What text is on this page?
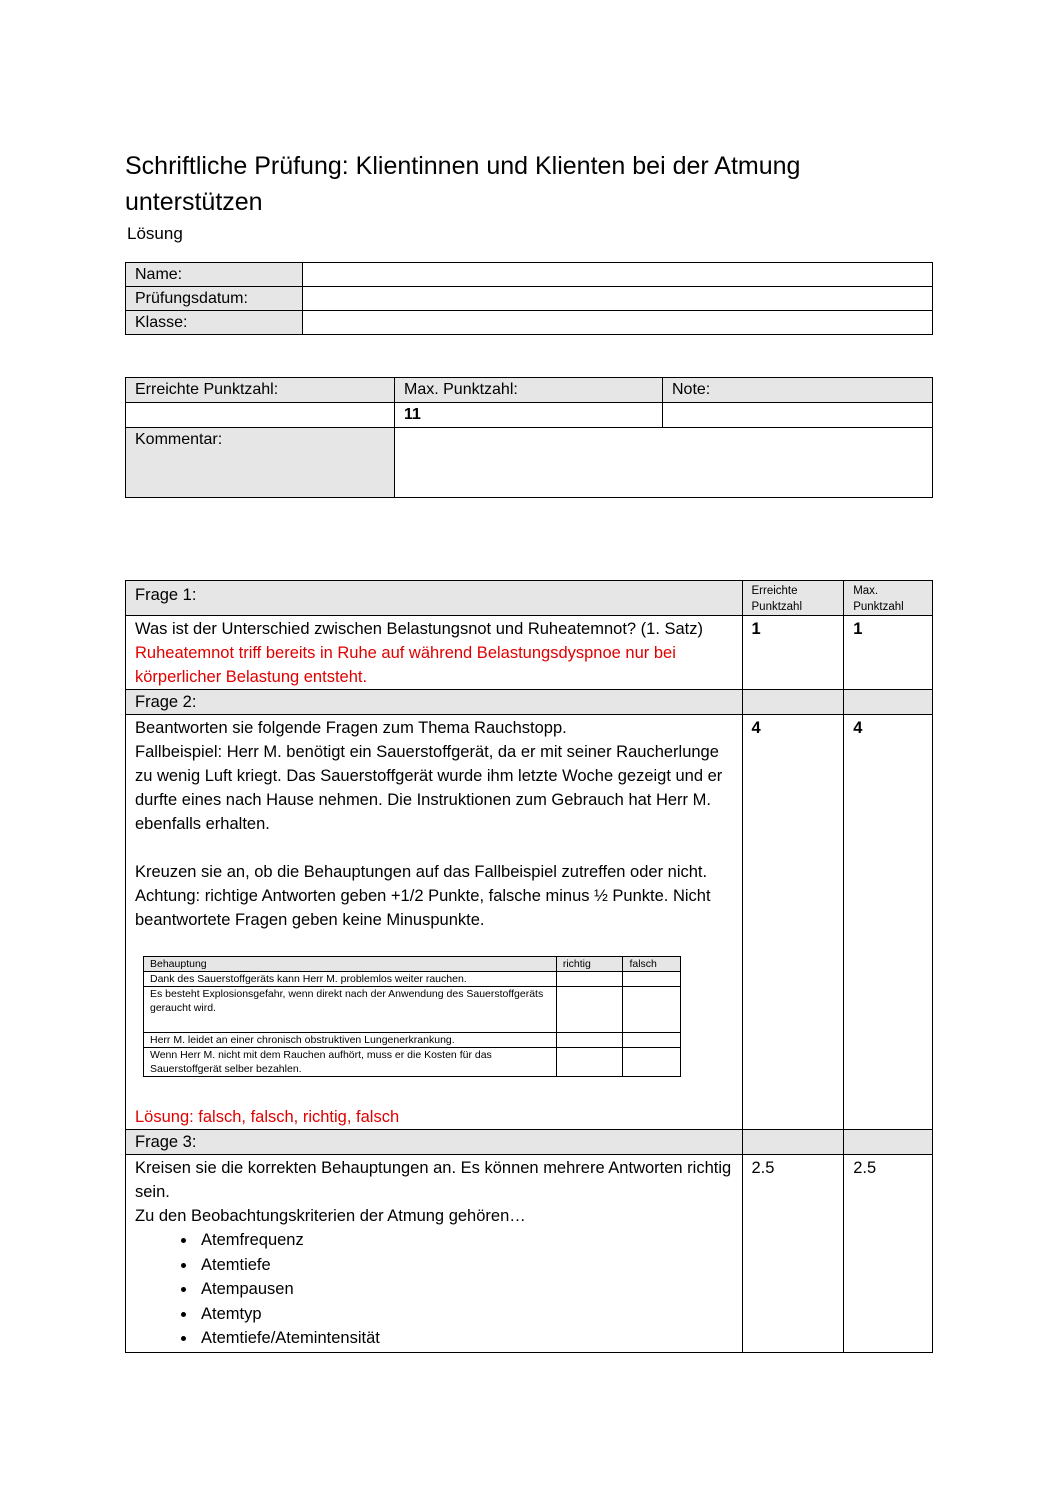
Schriftliche Prüfung: Klientinnen und Klienten bei der Atmung unterstützen
Lösung
Name:	
Prüfungsdatum:	
Klasse:	
Erreichte Punktzahl:	Max. Punktzahl:	Note:
	11	
Kommentar:		
Frage 1:	Erreichte Punktzahl	Max. Punktzahl

Was ist der Unterschied zwischen Belastungsnot und Ruheatemnot? (1. Satz)

Ruheatemnot triff bereits in Ruhe auf während Belastungsdyspnoe nur bei körperlicher Belastung entsteht.

	1	1
Frage 2:		

Beantworten sie folgende Fragen zum Thema Rauchstopp.

Fallbeispiel: Herr M. benötigt ein Sauerstoffgerät, da er mit seiner Raucherlunge zu wenig Luft kriegt. Das Sauerstoffgerät wurde ihm letzte Woche gezeigt und er durfte eines nach Hause nehmen. Die Instruktionen zum Gebrauch hat Herr M. ebenfalls erhalten.

Kreuzen sie an, ob die Behauptungen auf das Fallbeispiel zutreffen oder nicht. Achtung: richtige Antworten geben +1/2 Punkte, falsche minus ½ Punkte. Nicht beantwortete Fragen geben keine Minuspunkte.

Behauptung	richtig	falsch
Dank des Sauerstoffgeräts kann Herr M. problemlos weiter rauchen.		
Es besteht Explosionsgefahr, wenn direkt nach der Anwendung des Sauerstoffgeräts geraucht wird.		
Herr M. leidet an einer chronisch obstruktiven Lungenerkrankung.		
Wenn Herr M. nicht mit dem Rauchen aufhört, muss er die Kosten für das Sauerstoffgerät selber bezahlen.		

Lösung: falsch, falsch, richtig, falsch

	4	4
Frage 3:		

Kreisen sie die korrekten Behauptungen an. Es können mehrere Antworten richtig sein.

Zu den Beobachtungskriterien der Atmung gehören…

• Atemfrequenz
• Atemtiefe
• Atempausen
• Atemtyp
• Atemtiefe/Atemintensität
	2.5	2.5
